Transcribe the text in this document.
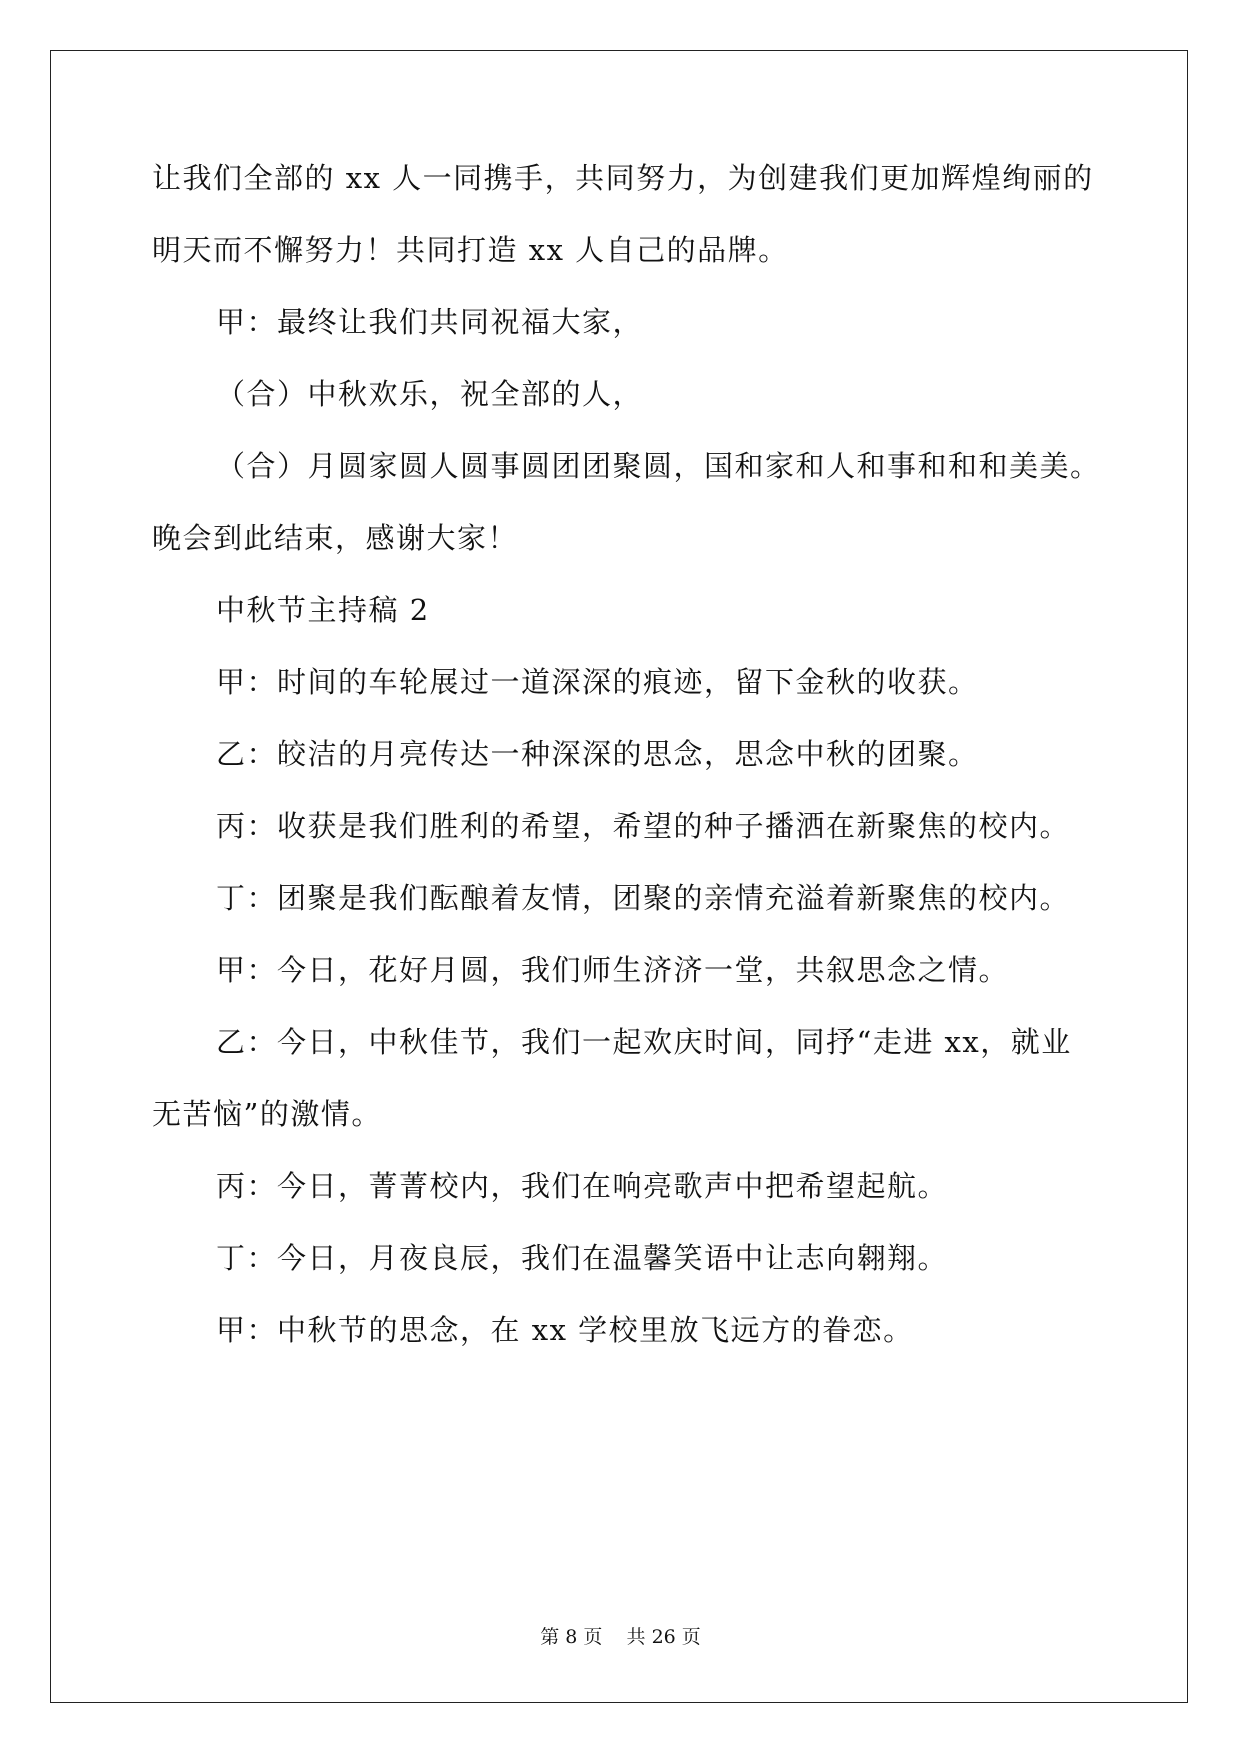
让我们全部的 xx 人一同携手，共同努力，为创建我们更加辉煌绚丽的
明天而不懈努力！共同打造 xx 人自己的品牌。
甲：最终让我们共同祝福大家，
（合）中秋欢乐，祝全部的人，
（合）月圆家圆人圆事圆团团聚圆，国和家和人和事和和和美美。
晚会到此结束，感谢大家！
中秋节主持稿 2
甲：时间的车轮展过一道深深的痕迹，留下金秋的收获。
乙：皎洁的月亮传达一种深深的思念，思念中秋的团聚。
丙：收获是我们胜利的希望，希望的种子播洒在新聚焦的校内。
丁：团聚是我们酝酿着友情，团聚的亲情充溢着新聚焦的校内。
甲：今日，花好月圆，我们师生济济一堂，共叙思念之情。
乙：今日，中秋佳节，我们一起欢庆时间，同抒“走进 xx，就业
无苦恼”的激情。
丙：今日，菁菁校内，我们在响亮歌声中把希望起航。
丁：今日，月夜良辰，我们在温馨笑语中让志向翱翔。
甲：中秋节的思念，在 xx 学校里放飞远方的眷恋。
第 8 页    共 26 页
